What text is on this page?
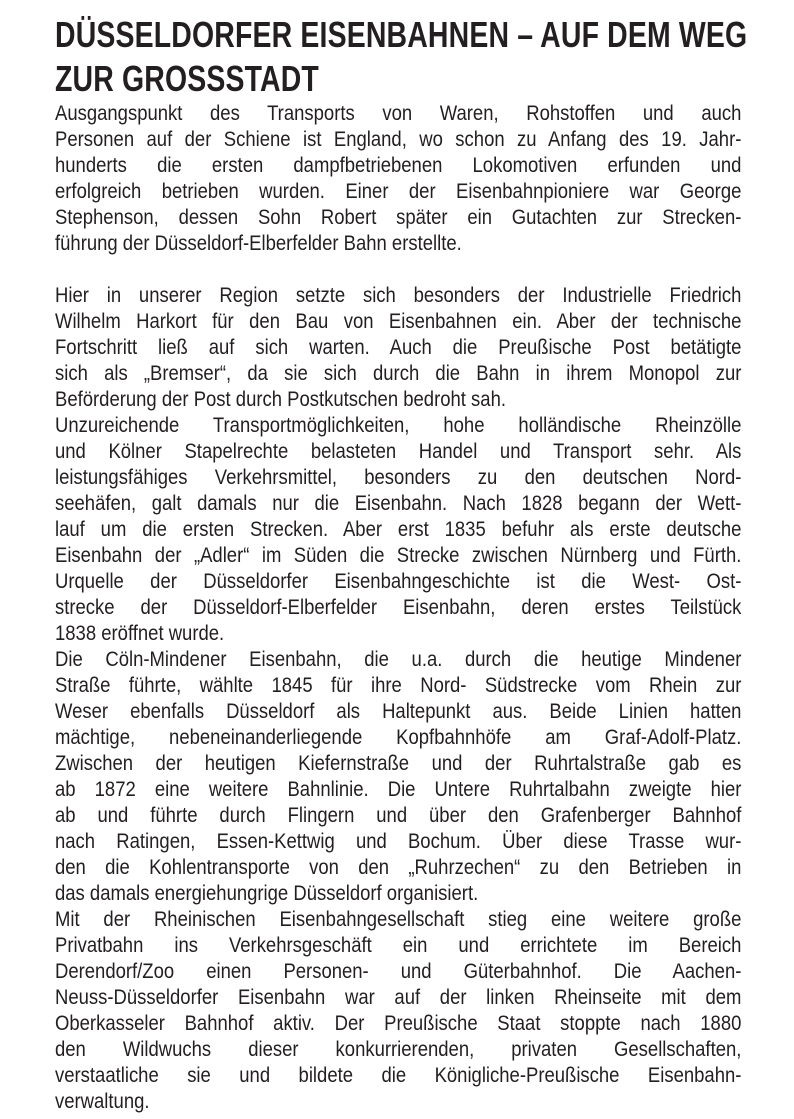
DÜSSELDORFER EISENBAHNEN – AUF DEM WEG
ZUR GROSSSTADT
Ausgangspunkt des Transports von Waren, Rohstoffen und auch
Personen auf der Schiene ist England, wo schon zu Anfang des 19. Jahr-
hunderts die ersten dampfbetriebenen Lokomotiven erfunden und
erfolgreich betrieben wurden. Einer der Eisenbahnpioniere war George
Stephenson, dessen Sohn Robert später ein Gutachten zur Strecken-
führung der Düsseldorf-Elberfelder Bahn erstellte.
Hier in unserer Region setzte sich besonders der Industrielle Friedrich
Wilhelm Harkort für den Bau von Eisenbahnen ein. Aber der technische
Fortschritt ließ auf sich warten. Auch die Preußische Post betätigte
sich als „Bremser“, da sie sich durch die Bahn in ihrem Monopol zur
Beförderung der Post durch Postkutschen bedroht sah.
Unzureichende Transportmöglichkeiten, hohe holländische Rheinzölle
und Kölner Stapelrechte belasteten Handel und Transport sehr. Als
leistungsfähiges Verkehrsmittel, besonders zu den deutschen Nord-
seehäfen, galt damals nur die Eisenbahn. Nach 1828 begann der Wett-
lauf um die ersten Strecken. Aber erst 1835 befuhr als erste deutsche
Eisenbahn der „Adler“ im Süden die Strecke zwischen Nürnberg und Fürth.
Urquelle der Düsseldorfer Eisenbahngeschichte ist die West- Ost-
strecke der Düsseldorf-Elberfelder Eisenbahn, deren erstes Teilstück
1838 eröffnet wurde.
Die Cöln-Mindener Eisenbahn, die u.a. durch die heutige Mindener
Straße führte, wählte 1845 für ihre Nord- Südstrecke vom Rhein zur
Weser ebenfalls Düsseldorf als Haltepunkt aus. Beide Linien hatten
mächtige, nebeneinanderliegende Kopfbahnhöfe am Graf-Adolf-Platz.
Zwischen der heutigen Kiefernstraße und der Ruhrtalstraße gab es
ab 1872 eine weitere Bahnlinie. Die Untere Ruhrtalbahn zweigte hier
ab und führte durch Flingern und über den Grafenberger Bahnhof
nach Ratingen, Essen-Kettwig und Bochum. Über diese Trasse wur-
den die Kohlentransporte von den „Ruhrzechen“ zu den Betrieben in
das damals energiehungrige Düsseldorf organisiert.
Mit der Rheinischen Eisenbahngesellschaft stieg eine weitere große
Privatbahn ins Verkehrsgeschäft ein und errichtete im Bereich
Derendorf/Zoo einen Personen- und Güterbahnhof. Die Aachen-
Neuss-Düsseldorfer Eisenbahn war auf der linken Rheinseite mit dem
Oberkasseler Bahnhof aktiv. Der Preußische Staat stoppte nach 1880
den Wildwuchs dieser konkurrierenden, privaten Gesellschaften,
verstaatliche sie und bildete die Königliche-Preußische Eisenbahn-
verwaltung.
